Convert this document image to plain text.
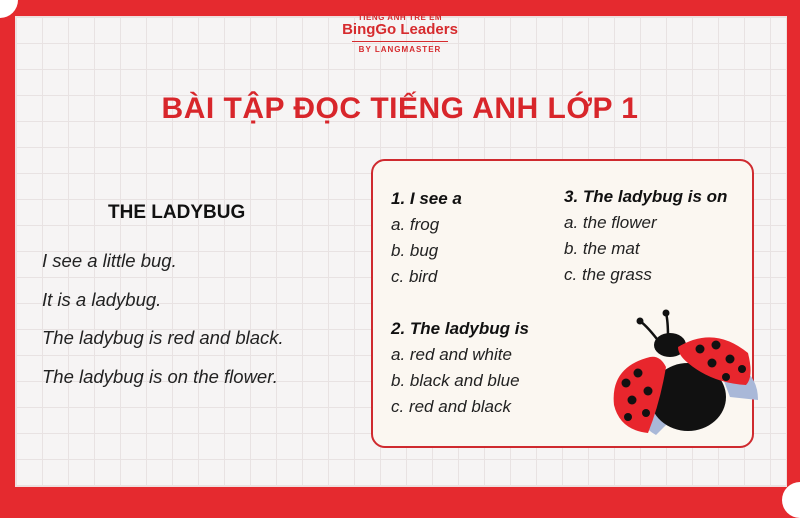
TIẾNG ANH TRẺ EM
BingGo Leaders
BY LANGMASTER
BÀI TẬP ĐỌC TIẾNG ANH LỚP 1
THE LADYBUG
I see a little bug.
It is a ladybug.
The ladybug is red and black.
The ladybug is on the flower.
1. I see a
a. frog
b. bug
c. bird
2. The ladybug is
a. red and white
b. black and blue
c. red and black
3. The ladybug is on
a. the flower
b. the mat
c. the grass
